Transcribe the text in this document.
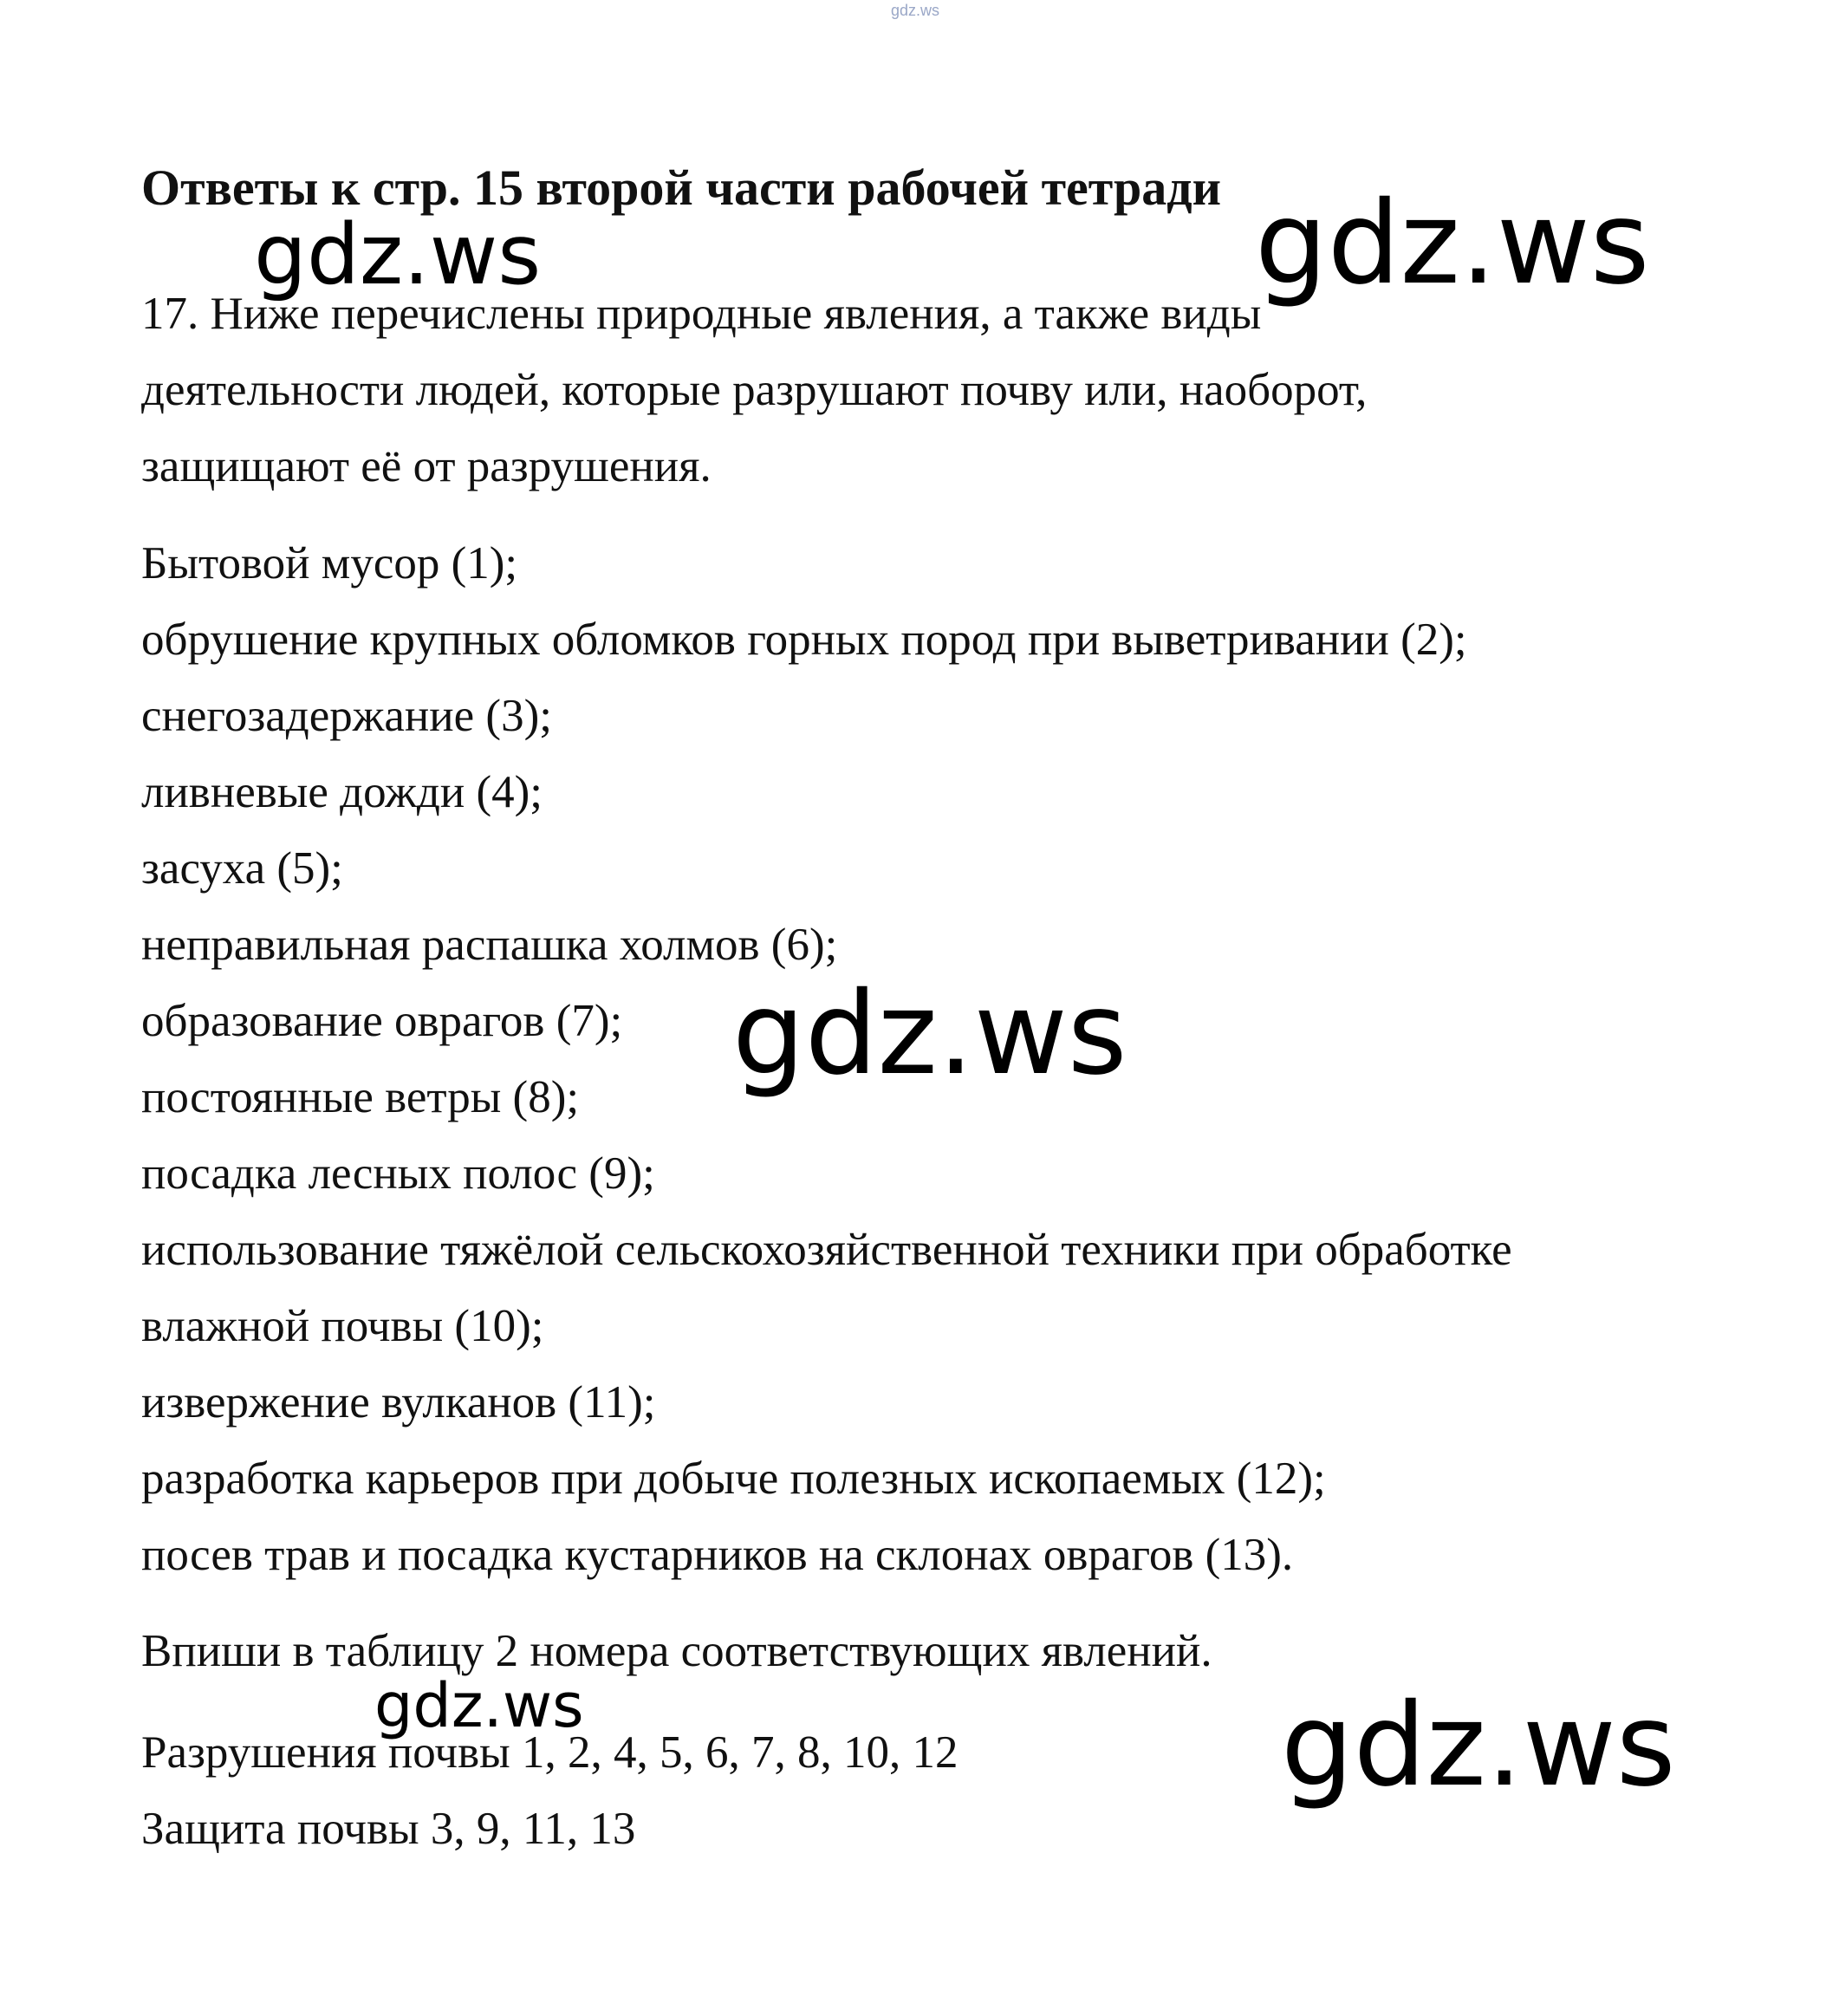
gdz.ws
Ответы к стр. 15 второй части рабочей тетради
17. Ниже перечислены природные явления, а также виды
деятельности людей, которые разрушают почву или, наоборот,
защищают её от разрушения.
Бытовой мусор (1);
обрушение крупных обломков горных пород при выветривании (2);
снегозадержание (3);
ливневые дожди (4);
засуха (5);
неправильная распашка холмов (6);
образование оврагов (7);
постоянные ветры (8);
посадка лесных полос (9);
использование тяжёлой сельскохозяйственной техники при обработке
влажной почвы (10);
извержение вулканов (11);
разработка карьеров при добыче полезных ископаемых (12);
посев трав и посадка кустарников на склонах оврагов (13).
Впиши в таблицу 2 номера соответствующих явлений.
Разрушения почвы 1, 2, 4, 5, 6, 7, 8, 10, 12
Защита почвы 3, 9, 11, 13
gdz.ws	gdz.ws
gdz.ws
gdz.ws	gdz.ws
